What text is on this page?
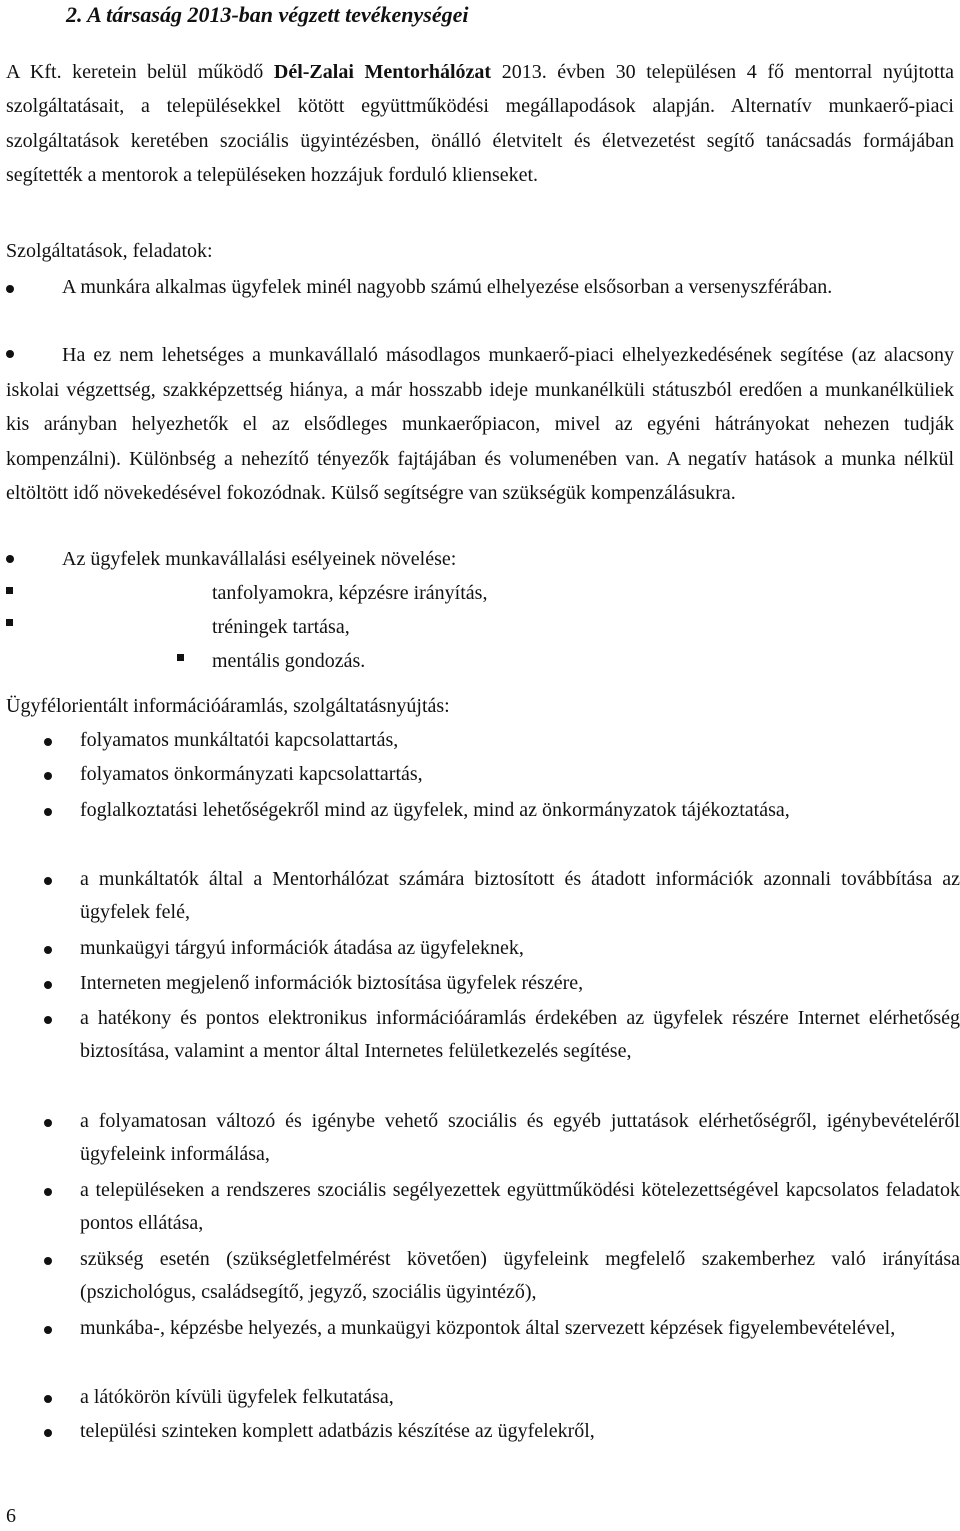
2. A társaság 2013-ban végzett tevékenységei

A Kft. keretein belül működő Dél-Zalai Mentorhálózat 2013. évben 30 településen 4 fő mentorral nyújtotta szolgáltatásait, a településekkel kötött együttműködési megállapodások alapján. Alternatív munkaerő-piaci szolgáltatások keretében szociális ügyintézésben, önálló életvitelt és életvezetést segítő tanácsadás formájában segítették a mentorok a településeken hozzájuk forduló klienseket.

Szolgáltatások, feladatok:

A munkára alkalmas ügyfelek minél nagyobb számú elhelyezése elsősorban a versenyszférában.

Ha ez nem lehetséges a munkavállaló másodlagos munkaerő-piaci elhelyezkedésének segítése (az alacsony iskolai végzettség, szakképzettség hiánya, a már hosszabb ideje munkanélküli státuszból eredően a munkanélküliek kis arányban helyezhetők el az elsődleges munkaerőpiacon, mivel az egyéni hátrányokat nehezen tudják kompenzálni). Különbség a nehezítő tényezők fajtájában és volumenében van. A negatív hatások a munka nélkül eltöltött idő növekedésével fokozódnak. Külső segítségre van szükségük kompenzálásukra.

Az ügyfelek munkavállalási esélyeinek növelése:

tanfolyamokra, képzésre irányítás,
tréningek tartása,
mentális gondozás.

Ügyfélorientált információáramlás, szolgáltatásnyújtás:

folyamatos munkáltatói kapcsolattartás,

folyamatos önkormányzati kapcsolattartás,

foglalkoztatási lehetőségekről mind az ügyfelek, mind az önkormányzatok tájékoztatása,

a munkáltatók által a Mentorhálózat számára biztosított és átadott információk azonnali továbbítása az ügyfelek felé,

munkaügyi tárgyú információk átadása az ügyfeleknek,

Interneten megjelenő információk biztosítása ügyfelek részére,

a hatékony és pontos elektronikus információáramlás érdekében az ügyfelek részére Internet elérhetőség biztosítása, valamint a mentor által Internetes felületkezelés segítése,

a folyamatosan változó és igénybe vehető szociális és egyéb juttatások elérhetőségről, igénybevételéről ügyfeleink informálása,

a településeken a rendszeres szociális segélyezettek együttműködési kötelezettségével kapcsolatos feladatok pontos ellátása,

szükség esetén (szükségletfelmérést követően) ügyfeleink megfelelő szakemberhez való irányítása (pszichológus, családsegítő, jegyző, szociális ügyintéző),

munkába-, képzésbe helyezés, a munkaügyi központok által szervezett képzések figyelembevételével,

a látókörön kívüli ügyfelek felkutatása,

települési szinteken komplett adatbázis készítése az ügyfelekről,

6
